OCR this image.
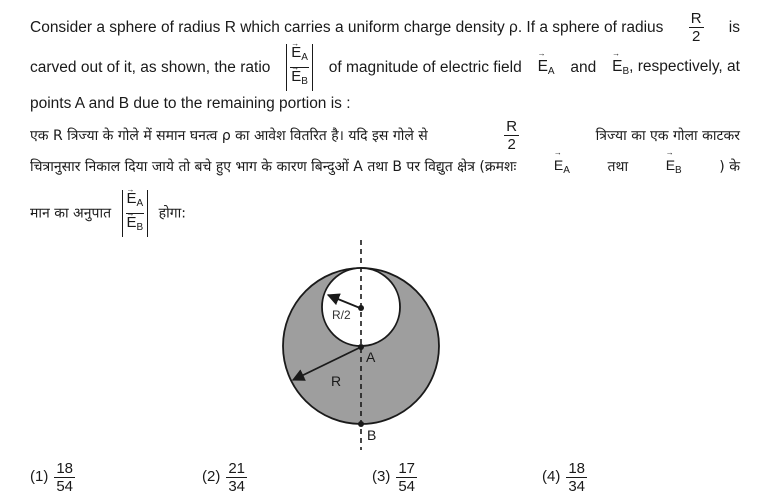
Consider a sphere of radius R which carries a uniform charge density ρ. If a sphere of radius $\frac{R}{2}$ is
carved out of it, as shown, the ratio → $E_A$
→ $E_B$ of magnitude of electric field → $E_A$ and → $E_B$, respectively, at
points A and B due to the remaining portion is :
एक R त्रिज्या के गोले में समान घनत्व ρ का आवेश वितरित है। यदि इस गोले से	$\frac{R}{2}$	त्रिज्या का एक गोला काटकर
चित्रानुसार निकाल दिया जाये तो बचे हुए भाग के कारण बिन्दुओं A तथा B पर विद्युत क्षेत्र (क्रमशः	→ $E_A$	तथा	→ $E_B$	) के
मान का अनुपात → $E_A$
→ $E_B$ होगा:
R/2
A
R
B
$(1) \frac{18}{54}$	$(2) \frac{21}{34}$	$(3) \frac{17}{54}$	$(4) \frac{18}{34}$
